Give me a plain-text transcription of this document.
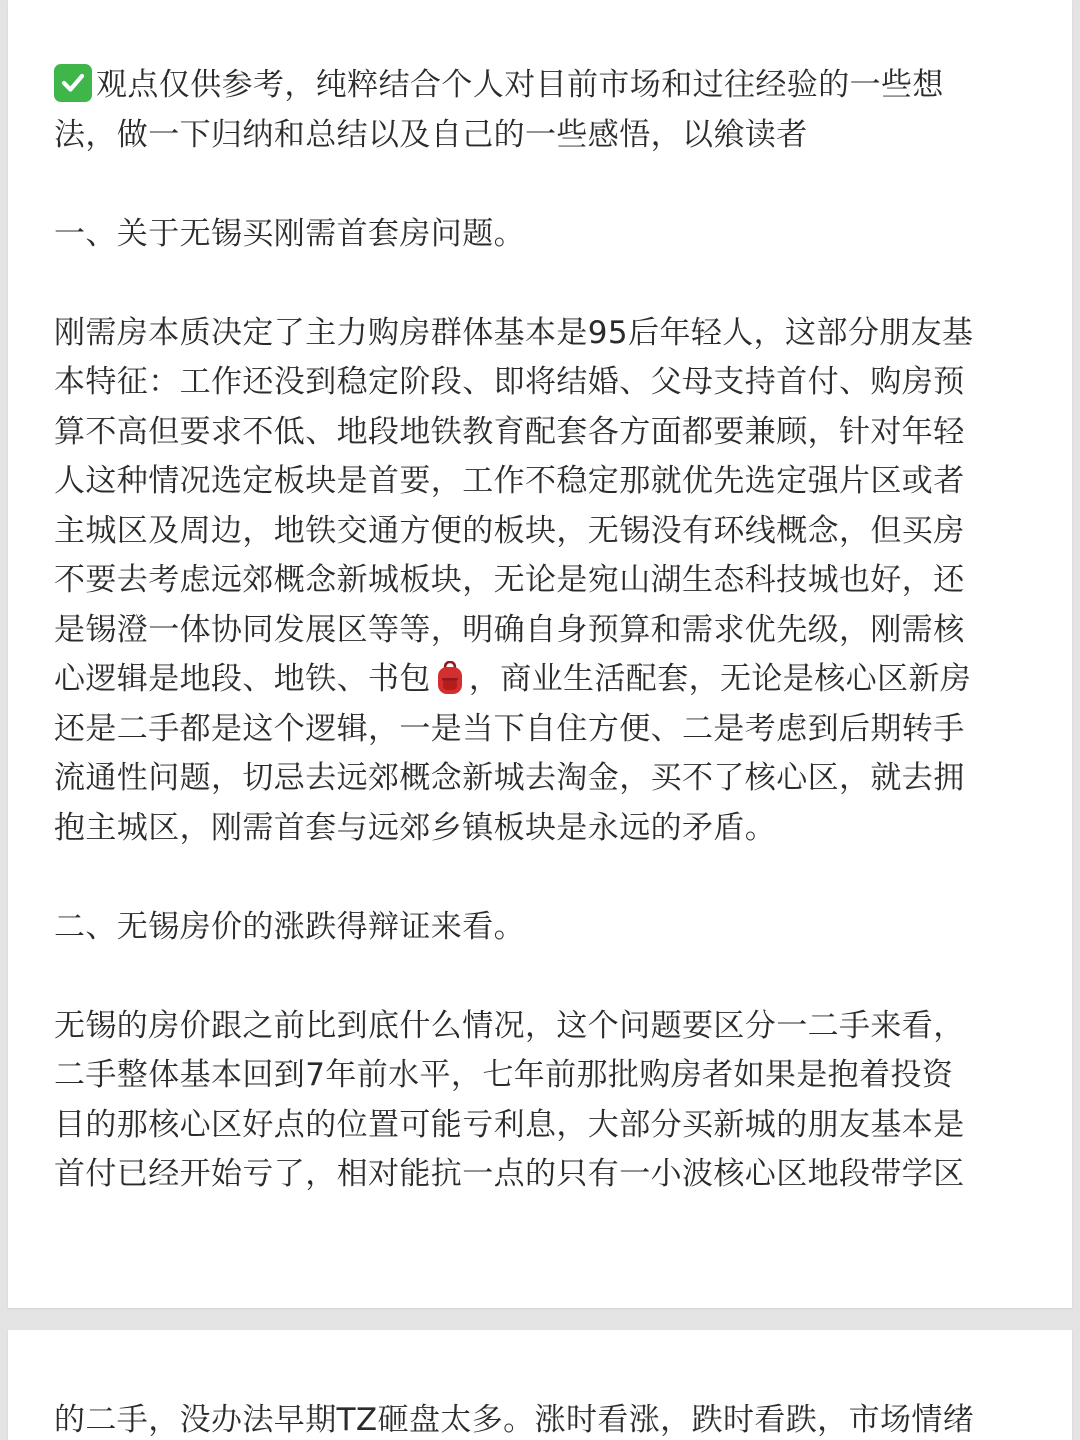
观点仅供参考，纯粹结合个人对目前市场和过往经验的一些想
法，做一下归纳和总结以及自己的一些感悟，以飨读者
一、关于无锡买刚需首套房问题。
刚需房本质决定了主力购房群体基本是95后年轻人，这部分朋友基
本特征：工作还没到稳定阶段、即将结婚、父母支持首付、购房预
算不高但要求不低、地段地铁教育配套各方面都要兼顾，针对年轻
人这种情况选定板块是首要，工作不稳定那就优先选定强片区或者
主城区及周边，地铁交通方便的板块，无锡没有环线概念，但买房
不要去考虑远郊概念新城板块，无论是宛山湖生态科技城也好，还
是锡澄一体协同发展区等等，明确自身预算和需求优先级，刚需核
心逻辑是地段、地铁、书包 ，商业生活配套，无论是核心区新房
还是二手都是这个逻辑，一是当下自住方便、二是考虑到后期转手
流通性问题，切忌去远郊概念新城去淘金，买不了核心区，就去拥
抱主城区，刚需首套与远郊乡镇板块是永远的矛盾。
二、无锡房价的涨跌得辩证来看。
无锡的房价跟之前比到底什么情况，这个问题要区分一二手来看，
二手整体基本回到7年前水平，七年前那批购房者如果是抱着投资
目的那核心区好点的位置可能亏利息，大部分买新城的朋友基本是
首付已经开始亏了，相对能抗一点的只有一小波核心区地段带学区
的二手，没办法早期TZ砸盘太多。涨时看涨，跌时看跌，市场情绪
